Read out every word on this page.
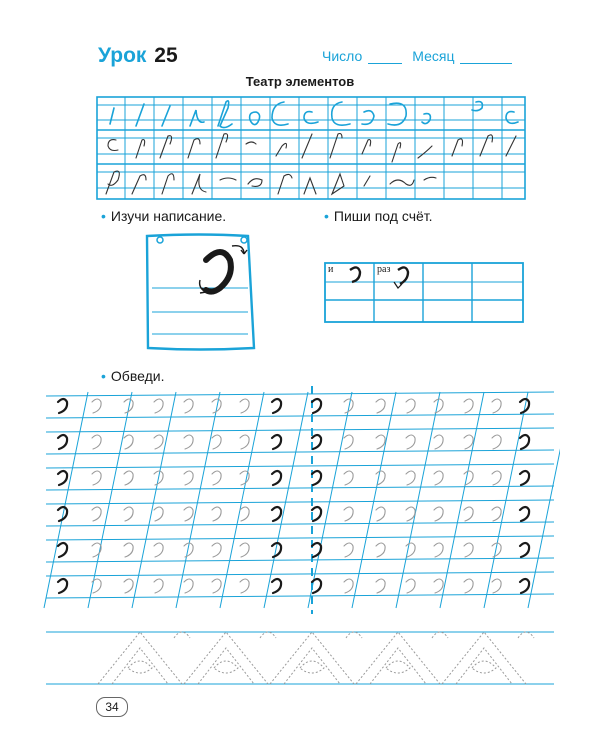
Урок 25	Число	Месяц
Театр элементов
• Изучи написание.	• Пиши под счёт.
и	раз
• Обведи.
34
